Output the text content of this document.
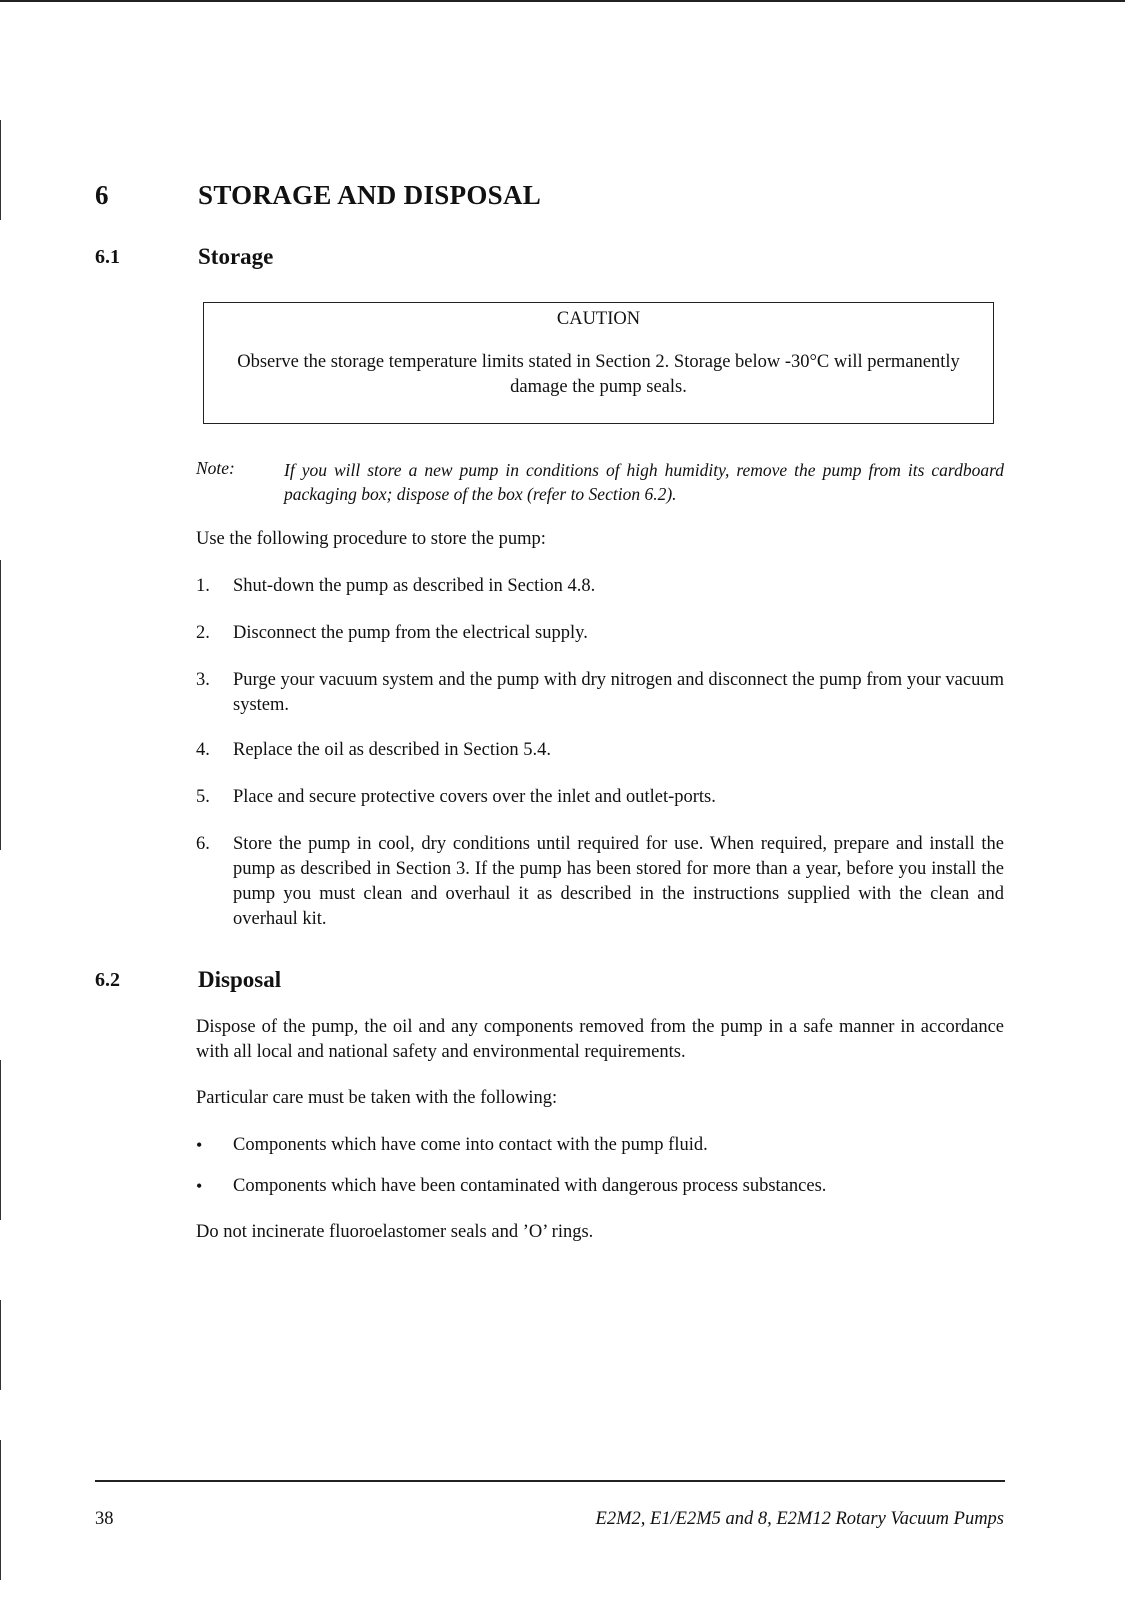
6	STORAGE AND DISPOSAL
6.1	Storage
CAUTION
Observe the storage temperature limits stated in Section 2. Storage below -30°C will permanently damage the pump seals.
Note:	If you will store a new pump in conditions of high humidity, remove the pump from its cardboard packaging box; dispose of the box (refer to Section 6.2).
Use the following procedure to store the pump:
1.	Shut-down the pump as described in Section 4.8.
2.	Disconnect the pump from the electrical supply.
3.	Purge your vacuum system and the pump with dry nitrogen and disconnect the pump from your vacuum system.
4.	Replace the oil as described in Section 5.4.
5.	Place and secure protective covers over the inlet and outlet-ports.
6.	Store the pump in cool, dry conditions until required for use. When required, prepare and install the pump as described in Section 3. If the pump has been stored for more than a year, before you install the pump you must clean and overhaul it as described in the instructions supplied with the clean and overhaul kit.
6.2	Disposal
Dispose of the pump, the oil and any components removed from the pump in a safe manner in accordance with all local and national safety and environmental requirements.
Particular care must be taken with the following:
•	Components which have come into contact with the pump fluid.
•	Components which have been contaminated with dangerous process substances.
Do not incinerate fluoroelastomer seals and ’O’ rings.
38	E2M2, E1/E2M5 and 8, E2M12 Rotary Vacuum Pumps
